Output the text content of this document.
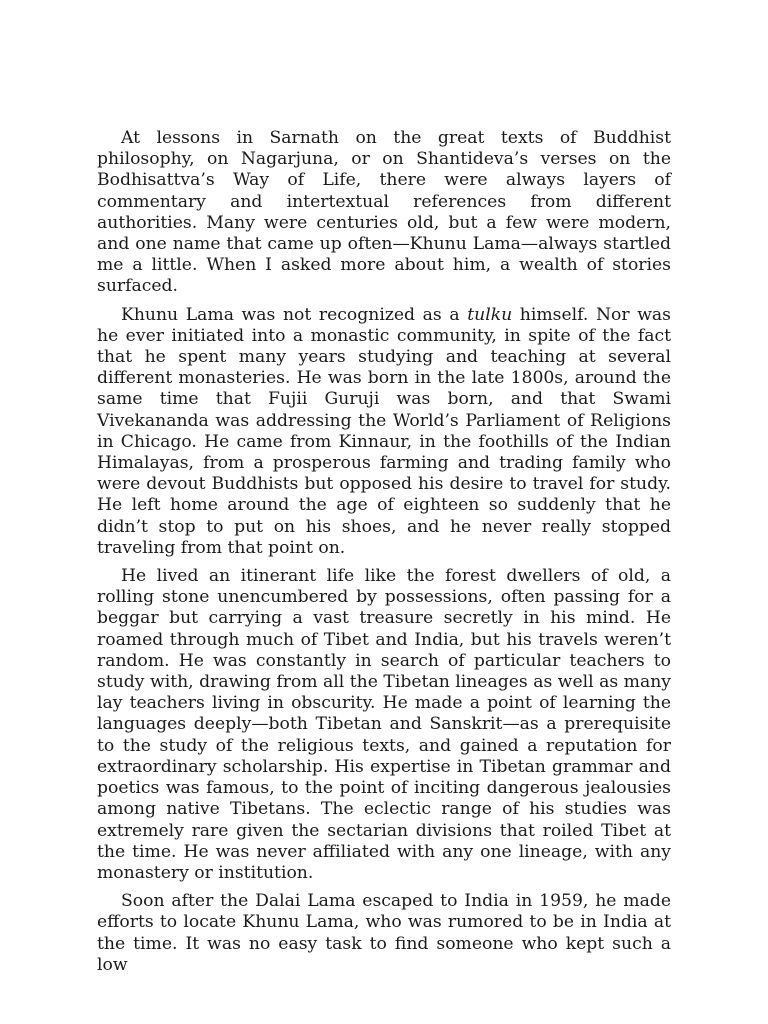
At lessons in Sarnath on the great texts of Buddhist philosophy, on Nagarjuna, or on Shantideva’s verses on the Bodhisattva’s Way of Life, there were always layers of commentary and intertextual references from different authorities. Many were centuries old, but a few were modern, and one name that came up often—Khunu Lama—always startled me a little. When I asked more about him, a wealth of stories surfaced.

Khunu Lama was not recognized as a tulku himself. Nor was he ever initiated into a monastic community, in spite of the fact that he spent many years studying and teaching at several different monasteries. He was born in the late 1800s, around the same time that Fujii Guruji was born, and that Swami Vivekananda was addressing the World’s Parliament of Religions in Chicago. He came from Kinnaur, in the foothills of the Indian Himalayas, from a prosperous farming and trading family who were devout Buddhists but opposed his desire to travel for study. He left home around the age of eighteen so suddenly that he didn’t stop to put on his shoes, and he never really stopped traveling from that point on.

He lived an itinerant life like the forest dwellers of old, a rolling stone unencumbered by possessions, often passing for a beggar but carrying a vast treasure secretly in his mind. He roamed through much of Tibet and India, but his travels weren’t random. He was constantly in search of particular teachers to study with, drawing from all the Tibetan lineages as well as many lay teachers living in obscurity. He made a point of learning the languages deeply—both Tibetan and Sanskrit—as a prerequisite to the study of the religious texts, and gained a reputation for extraordinary scholarship. His expertise in Tibetan grammar and poetics was famous, to the point of inciting dangerous jealousies among native Tibetans. The eclectic range of his studies was extremely rare given the sectarian divisions that roiled Tibet at the time. He was never affiliated with any one lineage, with any monastery or institution.

Soon after the Dalai Lama escaped to India in 1959, he made efforts to locate Khunu Lama, who was rumored to be in India at the time. It was no easy task to find someone who kept such a low
